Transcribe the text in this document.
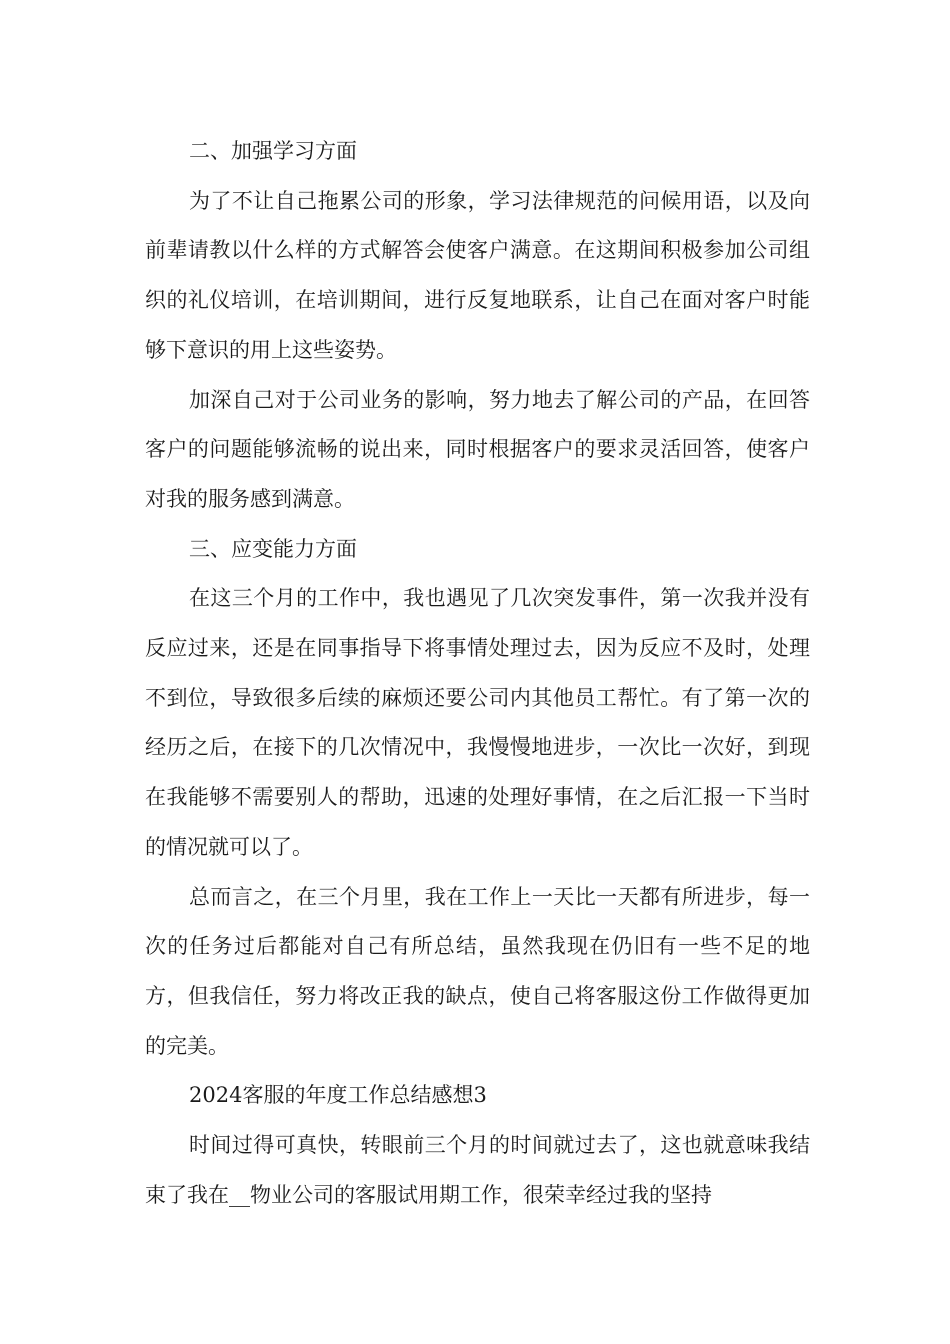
二、加强学习方面

为了不让自己拖累公司的形象，学习法律规范的问候用语，以及向前辈请教以什么样的方式解答会使客户满意。在这期间积极参加公司组织的礼仪培训，在培训期间，进行反复地联系，让自己在面对客户时能够下意识的用上这些姿势。

加深自己对于公司业务的影响，努力地去了解公司的产品，在回答客户的问题能够流畅的说出来，同时根据客户的要求灵活回答，使客户对我的服务感到满意。

三、应变能力方面

在这三个月的工作中，我也遇见了几次突发事件，第一次我并没有反应过来，还是在同事指导下将事情处理过去，因为反应不及时，处理不到位，导致很多后续的麻烦还要公司内其他员工帮忙。有了第一次的经历之后，在接下的几次情况中，我慢慢地进步，一次比一次好，到现在我能够不需要别人的帮助，迅速的处理好事情，在之后汇报一下当时的情况就可以了。

总而言之，在三个月里，我在工作上一天比一天都有所进步，每一次的任务过后都能对自己有所总结，虽然我现在仍旧有一些不足的地方，但我信任，努力将改正我的缺点，使自己将客服这份工作做得更加的完美。

2024客服的年度工作总结感想3

时间过得可真快，转眼前三个月的时间就过去了，这也就意味我结束了我在__物业公司的客服试用期工作，很荣幸经过我的坚持
